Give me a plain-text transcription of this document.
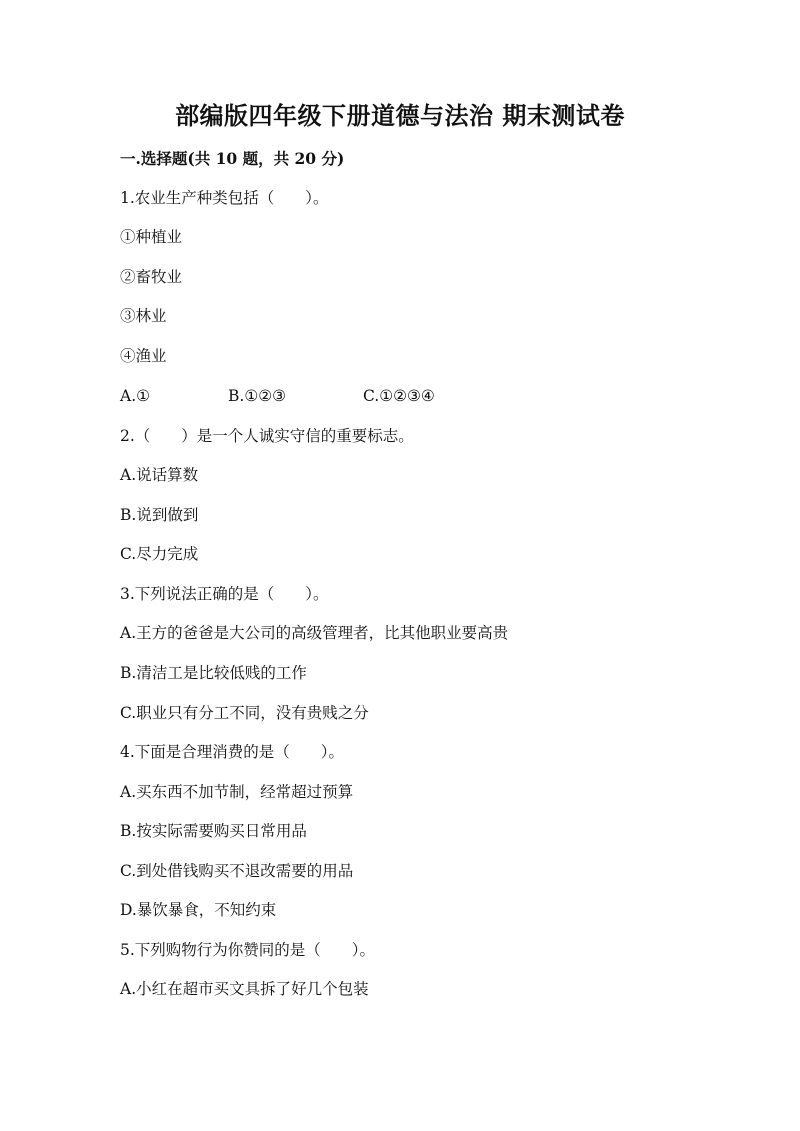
部编版四年级下册道德与法治 期末测试卷
一.选择题(共 10 题，共 20 分)
1.农业生产种类包括（　　）。
①种植业
②畜牧业
③林业
④渔业
A.①	B.①②③	C.①②③④
2.（　　）是一个人诚实守信的重要标志。
A.说话算数
B.说到做到
C.尽力完成
3.下列说法正确的是（　　）。
A.王方的爸爸是大公司的高级管理者，比其他职业要高贵
B.清洁工是比较低贱的工作
C.职业只有分工不同，没有贵贱之分
4.下面是合理消费的是（　　）。
A.买东西不加节制，经常超过预算
B.按实际需要购买日常用品
C.到处借钱购买不退改需要的用品
D.暴饮暴食，不知约束
5.下列购物行为你赞同的是（　　）。
A.小红在超市买文具拆了好几个包装
